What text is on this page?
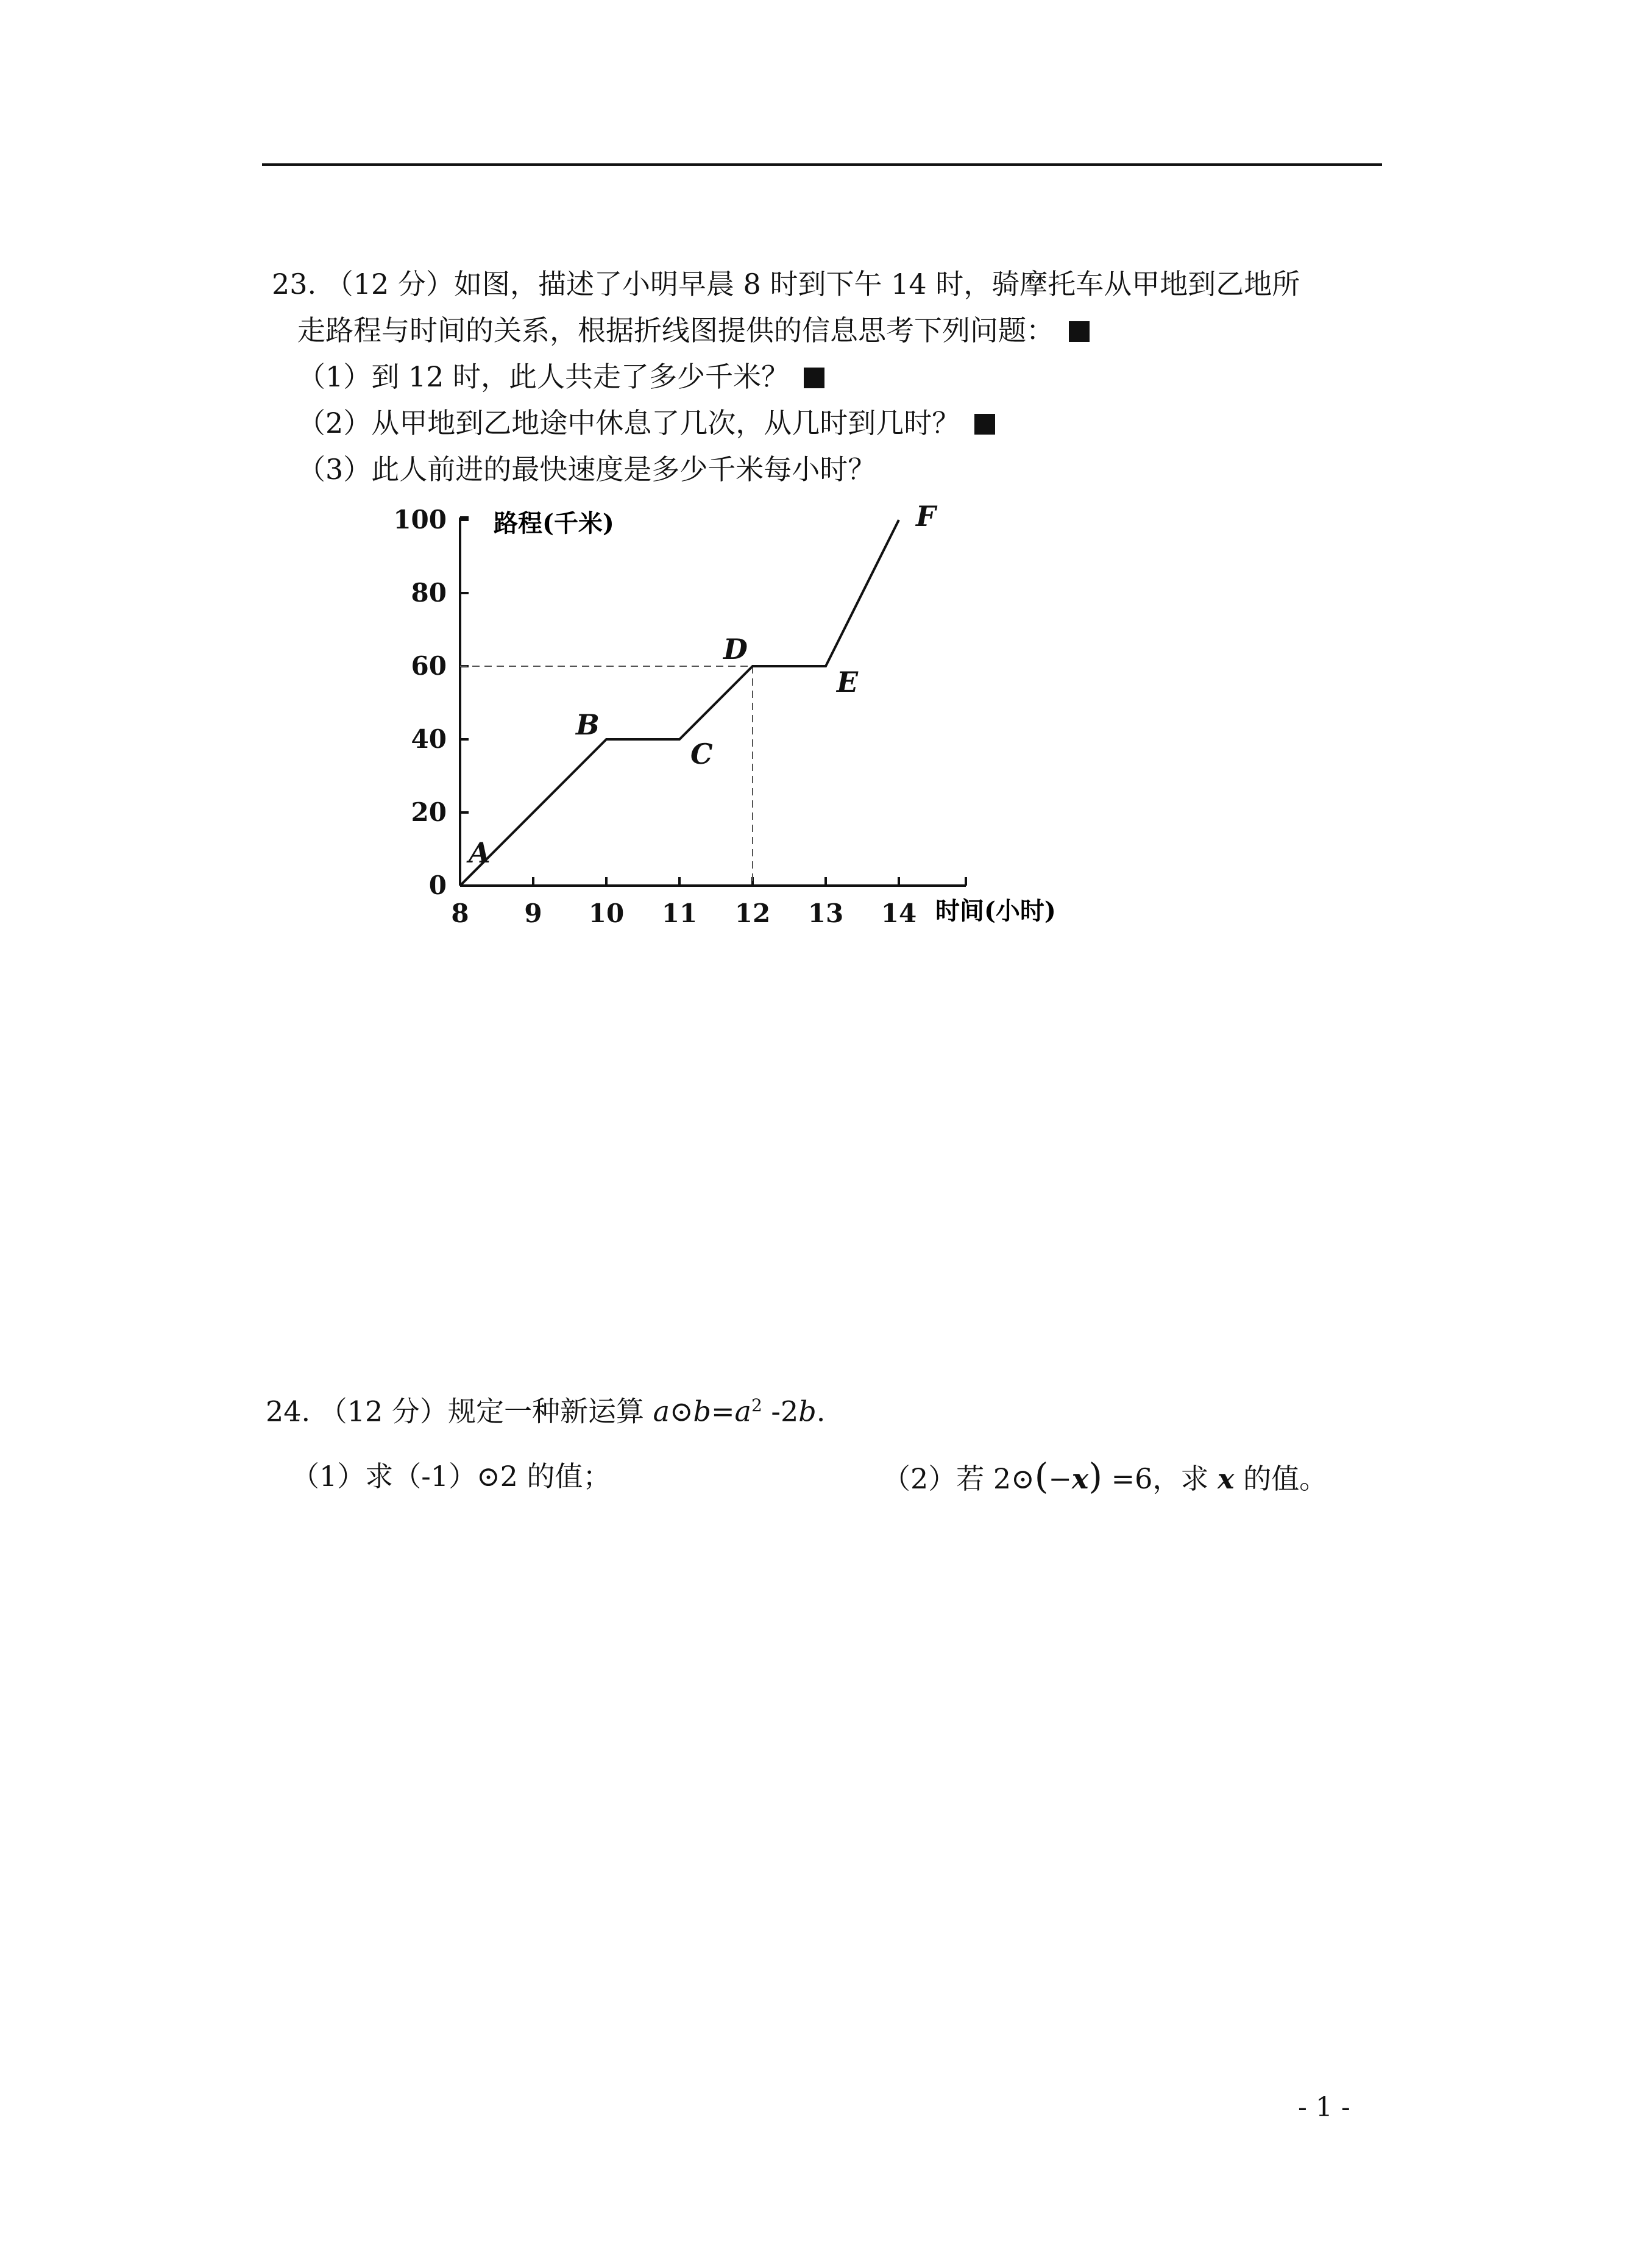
23. （12 分）如图，描述了小明早晨 8 时到下午 14 时，骑摩托车从甲地到乙地所
走路程与时间的关系，根据折线图提供的信息思考下列问题：
（1）到 12 时，此人共走了多少千米？
（2）从甲地到乙地途中休息了几次，从几时到几时？
（3）此人前进的最快速度是多少千米每小时？
路程(千米)
时间(小时)
8 9 10 11 12 13 14
0
20
40
60
80
100
B
C
D
E
F
A
24. （12 分）规定一种新运算 $a⊙b=a^2$ -2b.
（1）求（-1）⊙2 的值；	（2）若 2⊙(−x) =6，求 x 的值。
- 1 -
